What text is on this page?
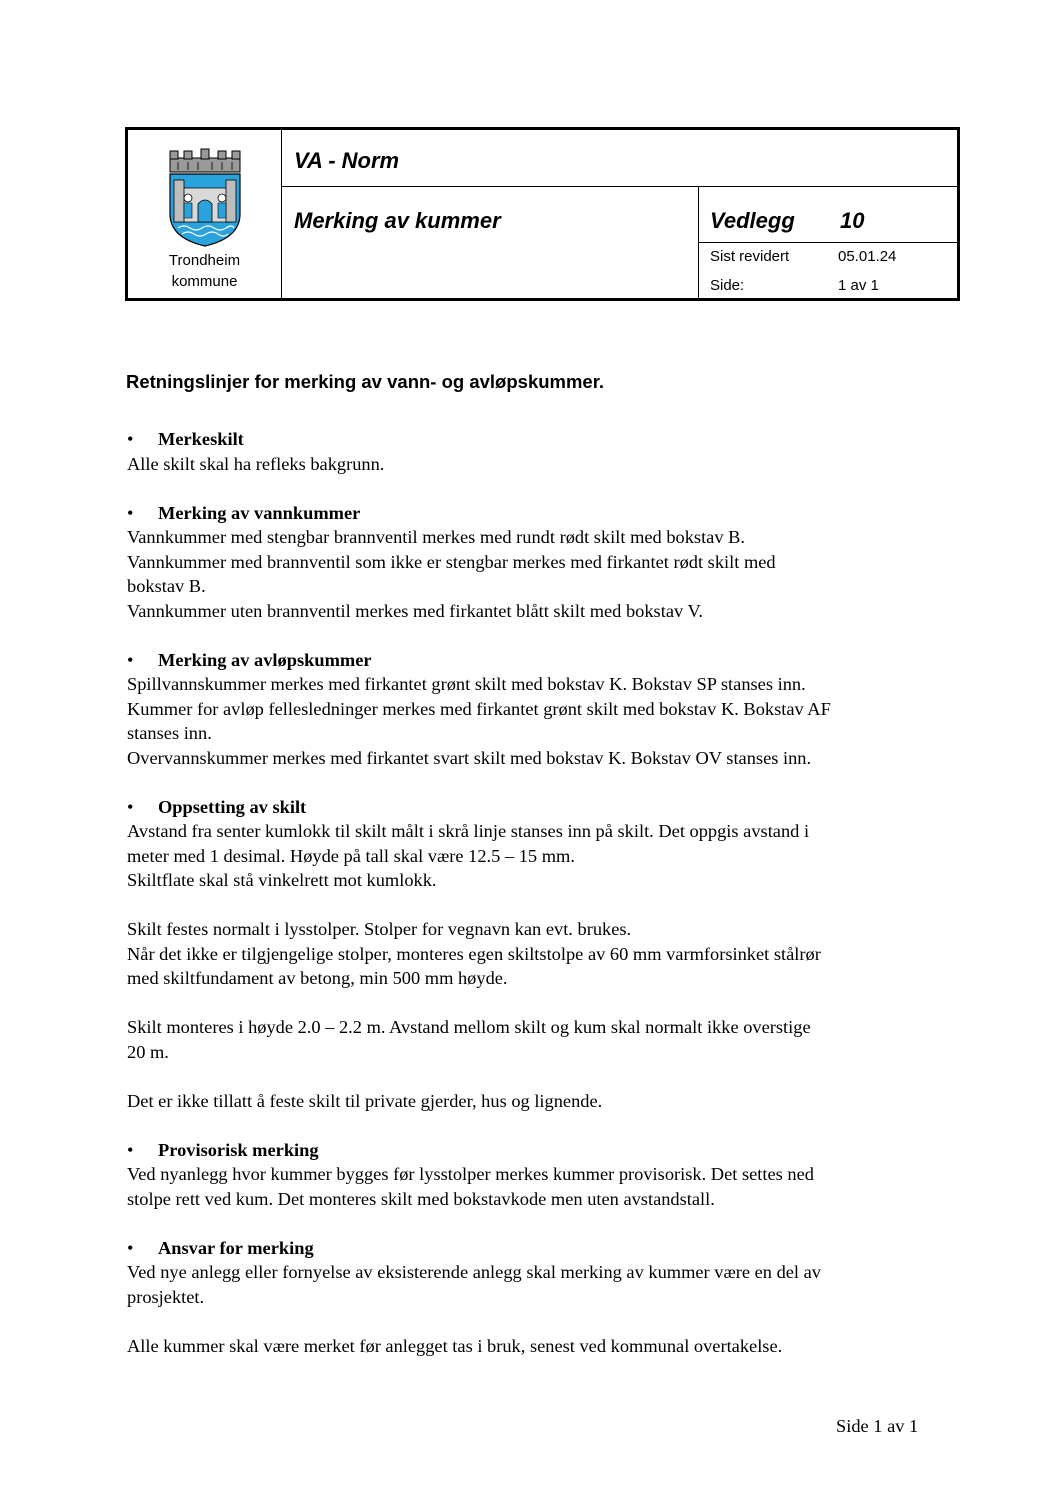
Trondheim
kommune
VA - Norm
Merking av kummer	Vedlegg 10
Sist revidert	05.01.24
Side:	1 av 1
Retningslinjer for merking av vann- og avløpskummer.
• Merkeskilt
Alle skilt skal ha refleks bakgrunn.
• Merking av vannkummer
Vannkummer med stengbar brannventil merkes med rundt rødt skilt med bokstav B.
Vannkummer med brannventil som ikke er stengbar merkes med firkantet rødt skilt med
bokstav B.
Vannkummer uten brannventil merkes med firkantet blått skilt med bokstav V.
• Merking av avløpskummer
Spillvannskummer merkes med firkantet grønt skilt med bokstav K. Bokstav SP stanses inn.
Kummer for avløp fellesledninger merkes med firkantet grønt skilt med bokstav K. Bokstav AF
stanses inn.
Overvannskummer merkes med firkantet svart skilt med bokstav K. Bokstav OV stanses inn.
• Oppsetting av skilt
Avstand fra senter kumlokk til skilt målt i skrå linje stanses inn på skilt. Det oppgis avstand i
meter med 1 desimal. Høyde på tall skal være 12.5 – 15 mm.
Skiltflate skal stå vinkelrett mot kumlokk.
Skilt festes normalt i lysstolper. Stolper for vegnavn kan evt. brukes.
Når det ikke er tilgjengelige stolper, monteres egen skiltstolpe av 60 mm varmforsinket stålrør
med skiltfundament av betong, min 500 mm høyde.
Skilt monteres i høyde 2.0 – 2.2 m. Avstand mellom skilt og kum skal normalt ikke overstige
20 m.
Det er ikke tillatt å feste skilt til private gjerder, hus og lignende.
• Provisorisk merking
Ved nyanlegg hvor kummer bygges før lysstolper merkes kummer provisorisk. Det settes ned
stolpe rett ved kum. Det monteres skilt med bokstavkode men uten avstandstall.
• Ansvar for merking
Ved nye anlegg eller fornyelse av eksisterende anlegg skal merking av kummer være en del av
prosjektet.
Alle kummer skal være merket før anlegget tas i bruk, senest ved kommunal overtakelse.
Side 1 av 1
